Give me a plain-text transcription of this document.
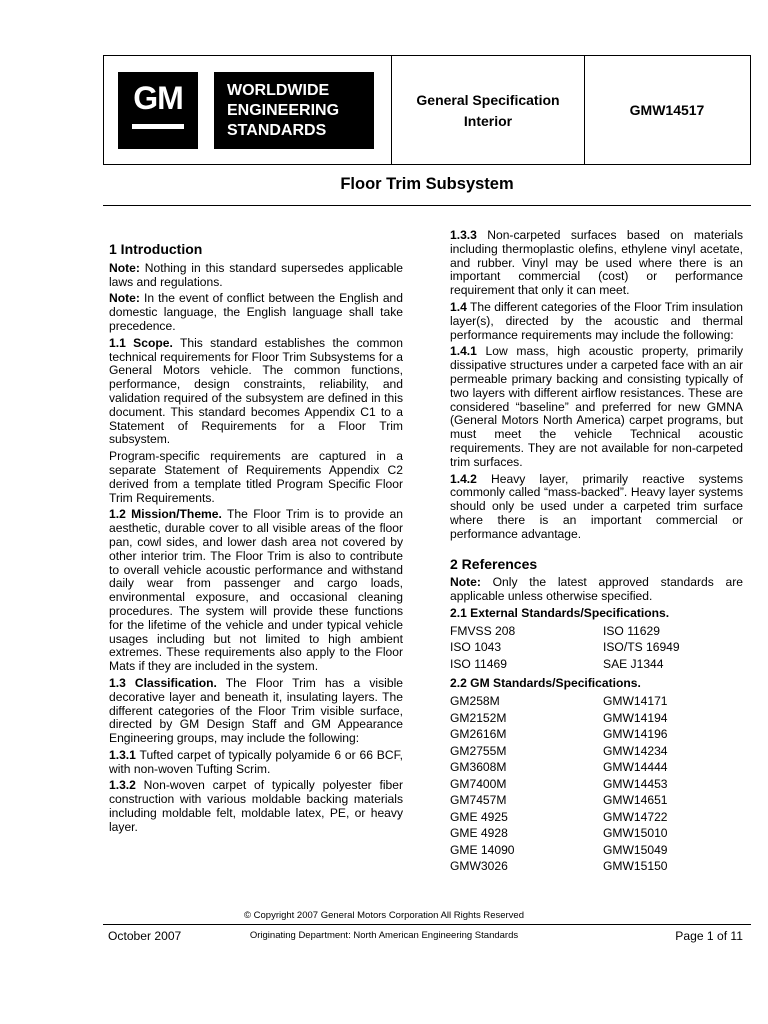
GM	WORLDWIDE
ENGINEERING
STANDARDS
General Specification
Interior
GMW14517
Floor Trim Subsystem
1 Introduction

Note: Nothing in this standard supersedes applicable laws and regulations.

Note: In the event of conflict between the English and domestic language, the English language shall take precedence.

1.1 Scope. This standard establishes the common technical requirements for Floor Trim Subsystems for a General Motors vehicle. The common functions, performance, design constraints, reliability, and validation required of the subsystem are defined in this document. This standard becomes Appendix C1 to a Statement of Requirements for a Floor Trim subsystem.

Program-specific requirements are captured in a separate Statement of Requirements Appendix C2 derived from a template titled Program Specific Floor Trim Requirements.

1.2 Mission/Theme. The Floor Trim is to provide an aesthetic, durable cover to all visible areas of the floor pan, cowl sides, and lower dash area not covered by other interior trim. The Floor Trim is also to contribute to overall vehicle acoustic performance and withstand daily wear from passenger and cargo loads, environmental exposure, and occasional cleaning procedures. The system will provide these functions for the lifetime of the vehicle and under typical vehicle usages including but not limited to high ambient extremes. These requirements also apply to the Floor Mats if they are included in the system.

1.3 Classification. The Floor Trim has a visible decorative layer and beneath it, insulating layers. The different categories of the Floor Trim visible surface, directed by GM Design Staff and GM Appearance Engineering groups, may include the following:

1.3.1 Tufted carpet of typically polyamide 6 or 66 BCF, with non-woven Tufting Scrim.

1.3.2 Non-woven carpet of typically polyester fiber construction with various moldable backing materials including moldable felt, moldable latex, PE, or heavy layer.

1.3.3 Non-carpeted surfaces based on materials including thermoplastic olefins, ethylene vinyl acetate, and rubber. Vinyl may be used where there is an important commercial (cost) or performance requirement that only it can meet.

1.4 The different categories of the Floor Trim insulation layer(s), directed by the acoustic and thermal performance requirements may include the following:

1.4.1 Low mass, high acoustic property, primarily dissipative structures under a carpeted face with an air permeable primary backing and consisting typically of two layers with different airflow resistances. These are considered “baseline” and preferred for new GMNA (General Motors North America) carpet programs, but must meet the vehicle Technical acoustic requirements. They are not available for non-carpeted trim surfaces.

1.4.2 Heavy layer, primarily reactive systems commonly called “mass-backed”. Heavy layer systems should only be used under a carpeted trim surface where there is an important commercial or performance advantage.

2 References

Note: Only the latest approved standards are applicable unless otherwise specified.

2.1 External Standards/Specifications.
FMVSS 208	ISO 11629
ISO 1043	ISO/TS 16949
ISO 11469	SAE J1344
2.2 GM Standards/Specifications.
GM258M	GMW14171
GM2152M	GMW14194
GM2616M	GMW14196
GM2755M	GMW14234
GM3608M	GMW14444
GM7400M	GMW14453
GM7457M	GMW14651
GME 4925	GMW14722
GME 4928	GMW15010
GME 14090	GMW15049
GMW3026	GMW15150
© Copyright 2007 General Motors Corporation All Rights Reserved
October 2007	Originating Department: North American Engineering Standards	Page 1 of 11
